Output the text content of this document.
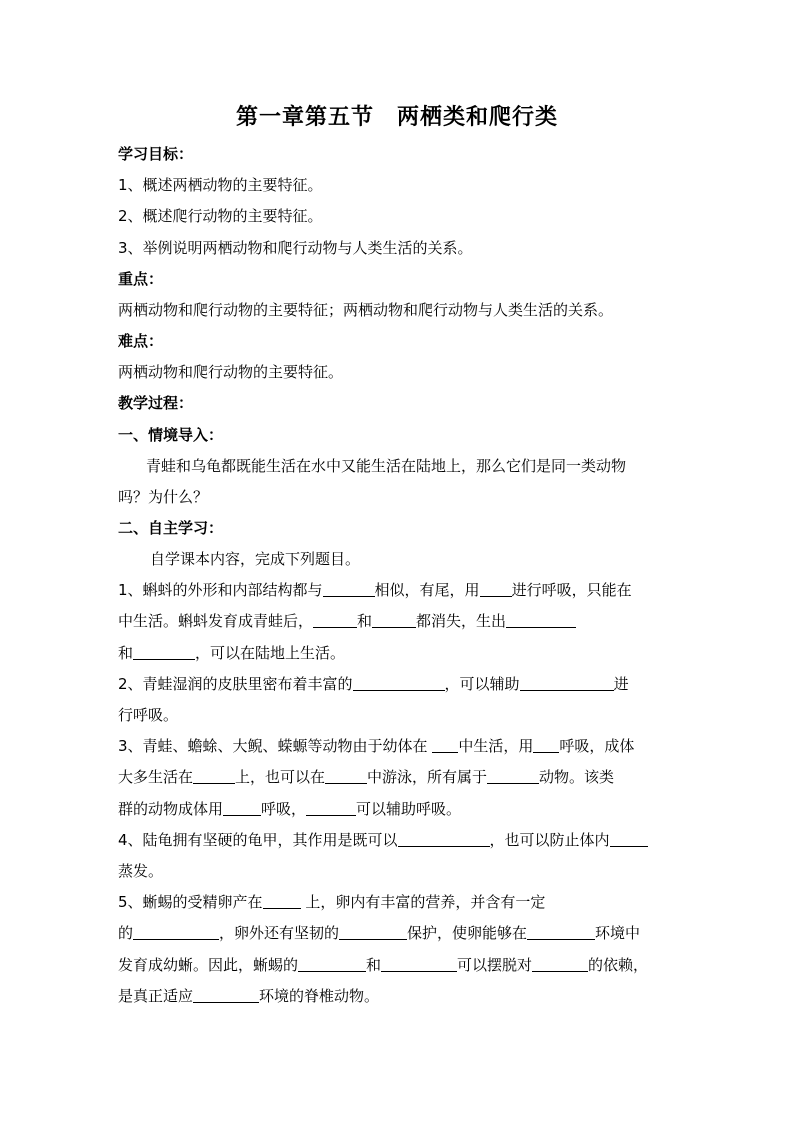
第一章第五节　两栖类和爬行类
学习目标：
1、概述两栖动物的主要特征。
2、概述爬行动物的主要特征。
3、举例说明两栖动物和爬行动物与人类生活的关系。
重点：
两栖动物和爬行动物的主要特征；两栖动物和爬行动物与人类生活的关系。
难点：
两栖动物和爬行动物的主要特征。
教学过程：
一、情境导入：
青蛙和乌龟都既能生活在水中又能生活在陆地上，那么它们是同一类动物
吗？为什么？
二、自主学习：
自学课本内容，完成下列题目。
1、蝌蚪的外形和内部结构都与	相似，有尾，用 进行呼吸，只能在
中生活。蝌蚪发育成青蛙后，	和	都消失，生出
和	，可以在陆地上生活。
2、青蛙湿润的皮肤里密布着丰富的	，可以辅助	进
行呼吸。
3、青蛙、蟾蜍、大鲵、蝾螈等动物由于幼体在 中生活，用 呼吸，成体
大多生活在	上，也可以在	中游泳，所有属于	动物。该类
群的动物成体用	呼吸，	可以辅助呼吸。
4、陆龟拥有坚硬的龟甲，其作用是既可以	，也可以防止体内
蒸发。
5、蜥蜴的受精卵产在	上，卵内有丰富的营养，并含有一定
的	，卵外还有坚韧的	保护，使卵能够在	环境中
发育成幼蜥。因此，蜥蜴的	和	可以摆脱对	的依赖，
是真正适应	环境的脊椎动物。
